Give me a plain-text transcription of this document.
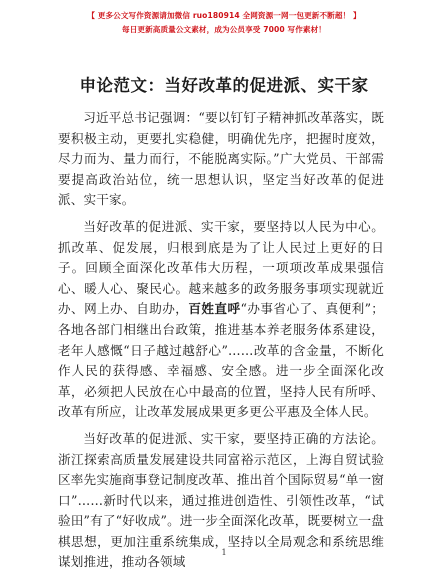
【 更多公文写作资源请加微信 ruo180914 全网资源一网一包更新不断超！ 】
每日更新高质量公文素材，成为公员享受 7000 写作素材！
申论范文：当好改革的促进派、实干家

习近平总书记强调：“要以钉钉子精神抓改革落实，既要积极主动，更要扎实稳健，明确优先序，把握时度效，尽力而为、量力而行，不能脱离实际。”广大党员、干部需要提高政治站位，统一思想认识，坚定当好改革的促进派、实干家。

当好改革的促进派、实干家，要坚持以人民为中心。抓改革、促发展，归根到底是为了让人民过上更好的日子。回顾全面深化改革伟大历程，一项项改革成果强信心、暖人心、聚民心。越来越多的政务服务事项实现就近办、网上办、自助办，百姓直呼“办事省心了、真便利”；各地各部门相继出台政策，推进基本养老服务体系建设，老年人感慨“日子越过越舒心”……改革的含金量，不断化作人民的获得感、幸福感、安全感。进一步全面深化改革，必须把人民放在心中最高的位置，坚持人民有所呼、改革有所应，让改革发展成果更多更公平惠及全体人民。

当好改革的促进派、实干家，要坚持正确的方法论。浙江探索高质量发展建设共同富裕示范区，上海自贸试验区率先实施商事登记制度改革、推出首个国际贸易“单一窗口”……新时代以来，通过推进创造性、引领性改革，“试验田”有了“好收成”。进一步全面深化改革，既要树立一盘棋思想，更加注重系统集成，坚持以全局观念和系统思维谋划推进，推动各领域

1
